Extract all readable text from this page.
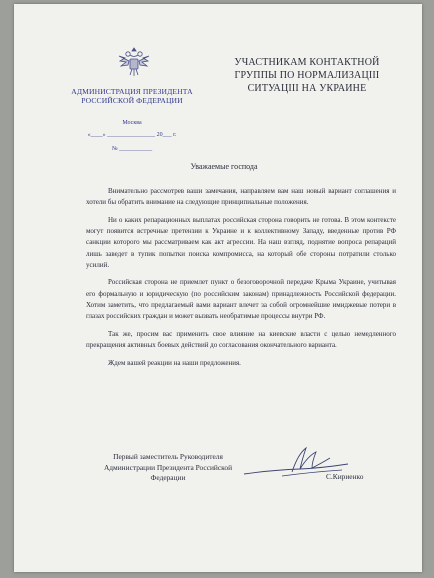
АДМИНИСТРАЦИЯ ПРЕЗИДЕНТА РОССИЙСКОЙ ФЕДЕРАЦИИ
Москва
«____» ________________ 20___ г.
№ ___________
УЧАСТНИКАМ КОНТАКТНОЙ ГРУППЫ ПО НОРМАЛИЗАЦIII СИТУАЦIII НА УКРАИНЕ
Уважаемые господа

Внимательно рассмотрев ваши замечания, направляем вам наш новый вариант соглашения и хотели бы обратить внимание на следующие принципиальные положения.

Ни о каких репарационных выплатах российская сторона говорить не готова. В этом контексте могут появится встречные претензии к Украине и к коллективному Западу, введенные против РФ санкции которого мы рассматриваем как акт агрессии. На наш взгляд, поднятие вопроса репараций лишь заведет в тупик попытки поиска компромисса, на который обе стороны потратили столько усилий.

Российская сторона не приемлет пункт о безоговорочной передаче Крыма Украине, учитывая его формальную и юридическую (по российским законам) принадлежность Российской федерации. Хотим заметить, что предлагаемый вами вариант влечет за собой огромнейшие имиджевые потери в глазах российских граждан и может вызвать необратимые процессы внутри РФ.

Так же, просим вас применить свое влияние на киевские власти с целью немедленного прекращения активных боевых действий до согласования окончательного варианта.

Ждем вашей реакции на наши предложения.

Первый заместитель Руководителя Администрации Президента Российской Федерации	С.Кириенко
